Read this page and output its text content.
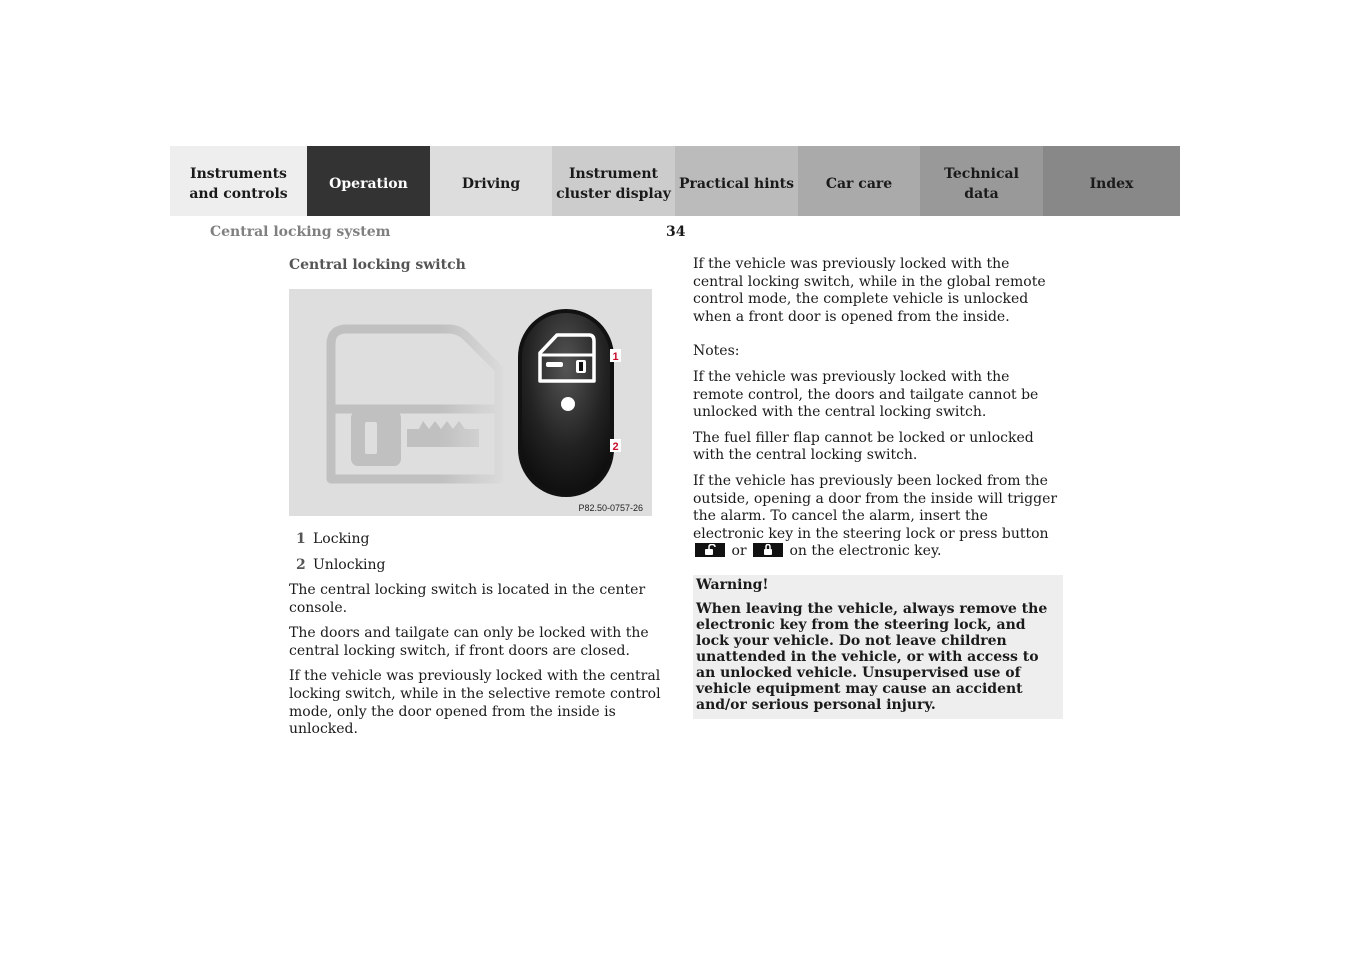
Instruments
and controls
Operation	Driving
Instrument
cluster display
Practical hints Car care
Technical
data
Index
Central locking system	34
Central locking switch
1
2
P82.50-0757-26
1 Locking
2 Unlocking

The central locking switch is located in the center console.

The doors and tailgate can only be locked with the central locking switch, if front doors are closed.

If the vehicle was previously locked with the central locking switch, while in the selective remote control mode, only the door opened from the inside is unlocked.

If the vehicle was previously locked with the central locking switch, while in the global remote control mode, the complete vehicle is unlocked when a front door is opened from the inside.

Notes:

If the vehicle was previously locked with the remote control, the doors and tailgate cannot be unlocked with the central locking switch.

The fuel filler flap cannot be locked or unlocked with the central locking switch.

If the vehicle has previously been locked from the outside, opening a door from the inside will trigger the alarm. To cancel the alarm, insert the electronic key in the steering lock or press button
or	on the electronic key.

Warning!

When leaving the vehicle, always remove the electronic key from the steering lock, and lock your vehicle. Do not leave children unattended in the vehicle, or with access to an unlocked vehicle. Unsupervised use of vehicle equipment may cause an accident and/or serious personal injury.
